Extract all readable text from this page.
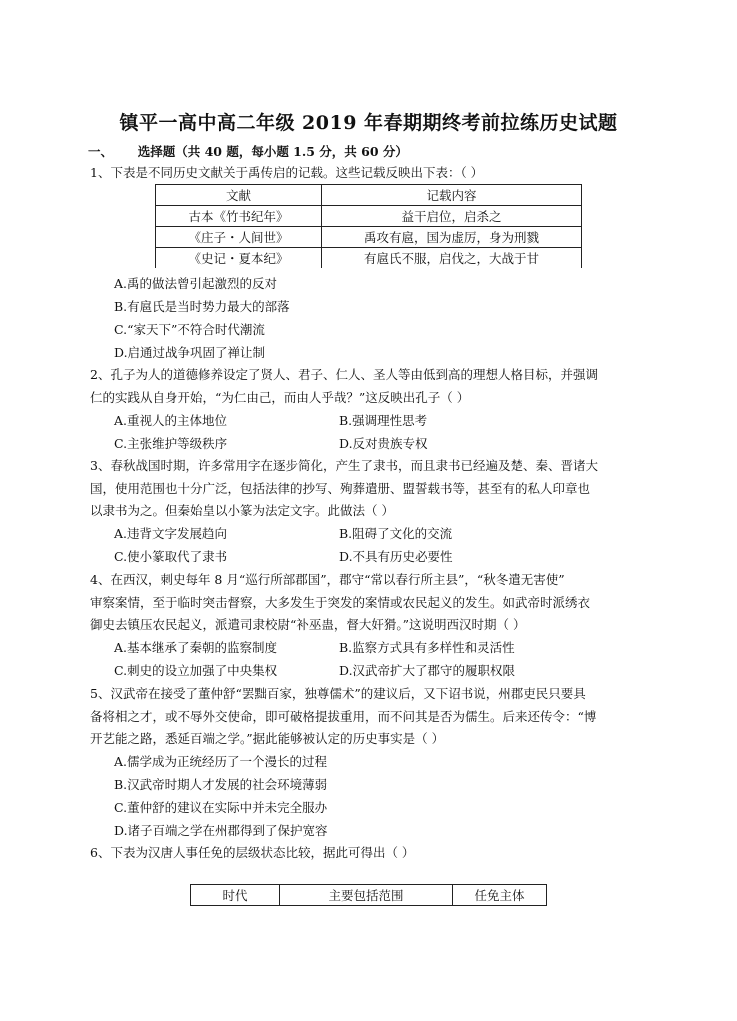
镇平一高中高二年级 2019 年春期期终考前拉练历史试题
一、 选择题（共 40 题，每小题 1.5 分，共 60 分）
1、下表是不同历史文献关于禹传启的记载。这些记载反映出下表：（ ）
文献	记载内容
古本《竹书纪年》	益干启位，启杀之
《庄子・人间世》	禹攻有扈，国为虚厉，身为刑戮
《史记・夏本纪》	有扈氏不服，启伐之，大战于甘
A.禹的做法曾引起激烈的反对
B.有扈氏是当时势力最大的部落
C.“家天下”不符合时代潮流
D.启通过战争巩固了禅让制
2、孔子为人的道德修养设定了贤人、君子、仁人、圣人等由低到高的理想人格目标，并强调
仁的实践从自身开始，“为仁由己，而由人乎哉？”这反映出孔子（ ）
A.重视人的主体地位	B.强调理性思考
C.主张维护等级秩序	D.反对贵族专权
3、春秋战国时期，许多常用字在逐步简化，产生了隶书，而且隶书已经遍及楚、秦、晋诸大
国，使用范围也十分广泛，包括法律的抄写、殉葬遣册、盟誓载书等，甚至有的私人印章也
以隶书为之。但秦始皇以小篆为法定文字。此做法（ ）
A.违背文字发展趋向	B.阻碍了文化的交流
C.使小篆取代了隶书	D.不具有历史必要性
4、在西汉，刺史每年 8 月“巡行所部郡国”，郡守“常以春行所主县”，“秋冬遣无害使”
审察案情，至于临时突击督察，大多发生于突发的案情或农民起义的发生。如武帝时派绣衣
御史去镇压农民起义，派遣司隶校尉“补巫蛊，督大奸猾。”这说明西汉时期（ ）
A.基本继承了秦朝的监察制度	B.监察方式具有多样性和灵活性
C.刺史的设立加强了中央集权	D.汉武帝扩大了郡守的履职权限
5、汉武帝在接受了董仲舒“罢黜百家，独尊儒术”的建议后，又下诏书说，州郡吏民只要具
备将相之才，或不辱外交使命，即可破格提拔重用，而不问其是否为儒生。后来还传令：“博
开艺能之路，悉延百端之学。”据此能够被认定的历史事实是（ ）
A.儒学成为正统经历了一个漫长的过程
B.汉武帝时期人才发展的社会环境薄弱
C.董仲舒的建议在实际中并未完全服办
D.诸子百端之学在州郡得到了保护宽容
6、下表为汉唐人事任免的层级状态比较，据此可得出（ ）
时代	主要包括范围	任免主体
